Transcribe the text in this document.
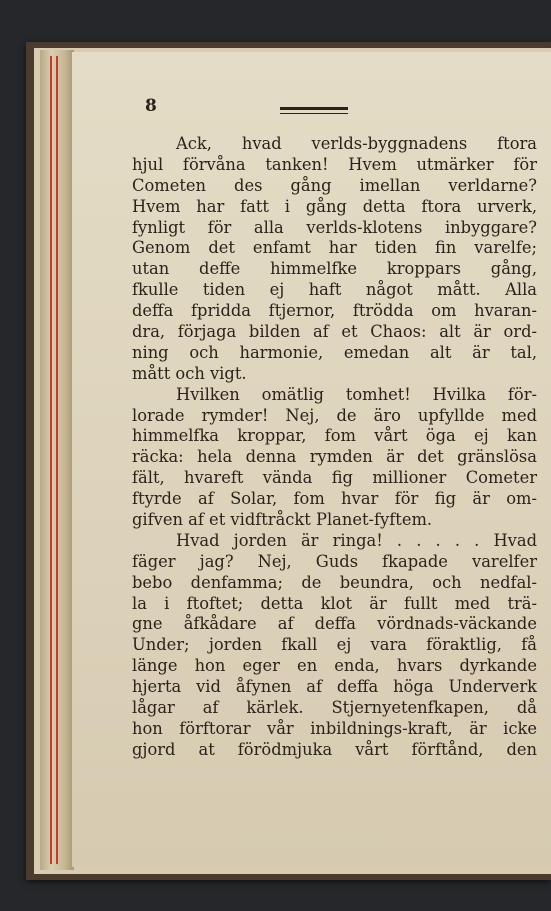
8
Ack, hvad verlds-byggnadens ftora
hjul förvåna tanken! Hvem utmärker för
Cometen des gång imellan verldarne?
Hvem har fatt i gång detta ftora urverk,
fynligt för alla verlds-klotens inbyggare?
Genom det enfamt har tiden fin varelfe;
utan deffe himmelfke kroppars gång,
fkulle tiden ej haft något mått. Alla
deffa fpridda ftjernor, ftrödda om hvaran-
dra, förjaga bilden af et Chaos: alt är ord-
ning och harmonie, emedan alt är tal,
mått och vigt.
Hvilken omätlig tomhet! Hvilka för-
lorade rymder! Nej, de äro upfyllde med
himmelfka kroppar, fom vårt öga ej kan
räcka: hela denna rymden är det gränslösa
fält, hvareft vända fig millioner Cometer
ftyrde af Solar, fom hvar för fig är om-
gifven af et vidftråckt Planet-fyftem.
Hvad jorden är ringa! . . . . . Hvad
fäger jag? Nej, Guds fkapade varelfer
bebo denfamma; de beundra, och nedfal-
la i ftoftet; detta klot är fullt med trä-
gne åfkådare af deffa vördnads-väckande
Under; jorden fkall ej vara föraktlig, få
länge hon eger en enda, hvars dyrkande
hjerta vid åfynen af deffa höga Underverk
lågar af kärlek. Stjernyetenfkapen, då
hon förftorar vår inbildnings-kraft, är icke
gjord at förödmjuka vårt förftånd, den
